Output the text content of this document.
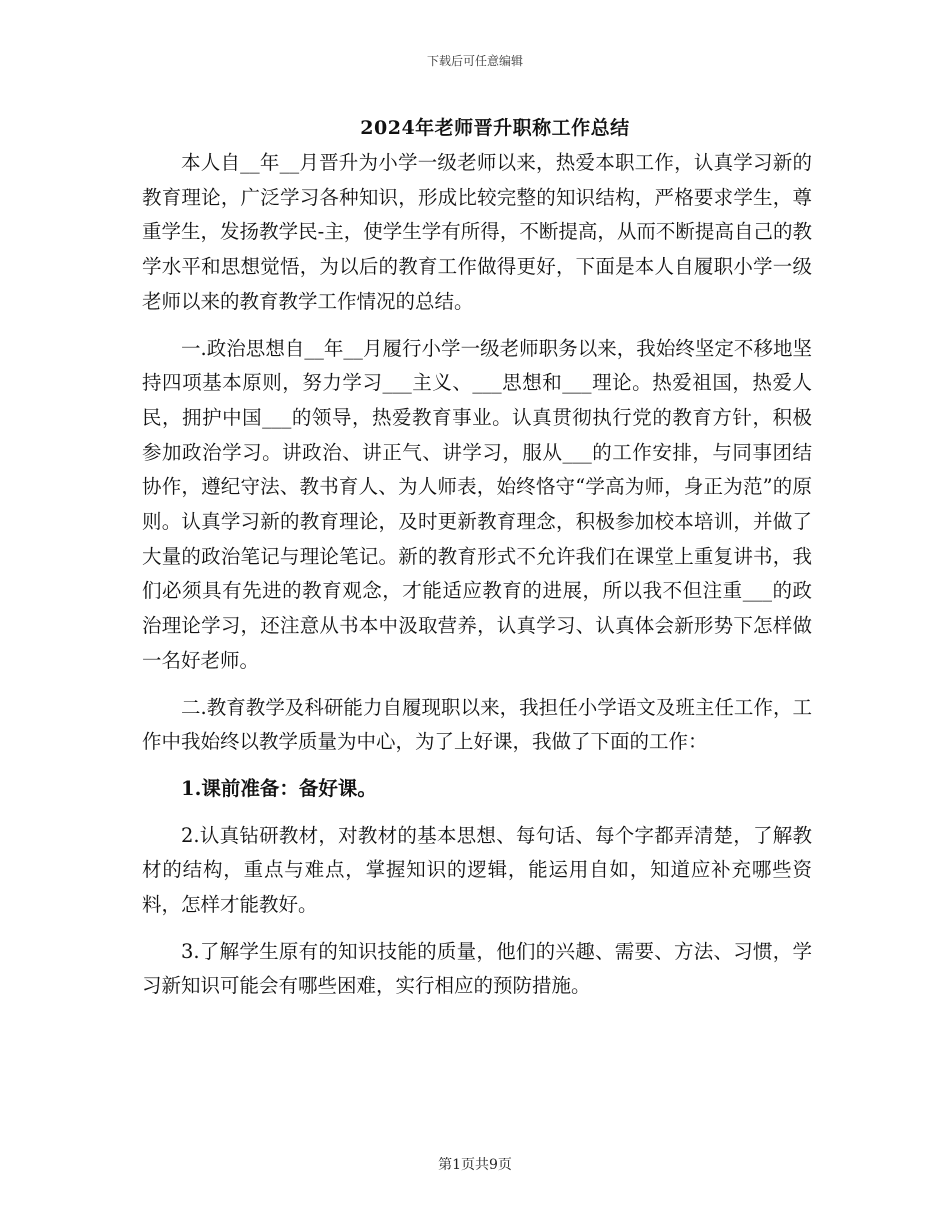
下载后可任意编辑
2024年老师晋升职称工作总结

本人自__年__月晋升为小学一级老师以来，热爱本职工作，认真学习新的教育理论，广泛学习各种知识，形成比较完整的知识结构，严格要求学生，尊重学生，发扬教学民-主，使学生学有所得，不断提高，从而不断提高自己的教学水平和思想觉悟，为以后的教育工作做得更好，下面是本人自履职小学一级老师以来的教育教学工作情况的总结。

一.政治思想自__年__月履行小学一级老师职务以来，我始终坚定不移地坚持四项基本原则，努力学习___主义、___思想和___理论。热爱祖国，热爱人民，拥护中国___的领导，热爱教育事业。认真贯彻执行党的教育方针，积极参加政治学习。讲政治、讲正气、讲学习，服从___的工作安排，与同事团结协作，遵纪守法、教书育人、为人师表，始终恪守“学高为师，身正为范”的原则。认真学习新的教育理论，及时更新教育理念，积极参加校本培训，并做了大量的政治笔记与理论笔记。新的教育形式不允许我们在课堂上重复讲书，我们必须具有先进的教育观念，才能适应教育的进展，所以我不但注重___的政治理论学习，还注意从书本中汲取营养，认真学习、认真体会新形势下怎样做一名好老师。

二.教育教学及科研能力自履现职以来，我担任小学语文及班主任工作，工作中我始终以教学质量为中心，为了上好课，我做了下面的工作：

1.课前准备：备好课。

2.认真钻研教材，对教材的基本思想、每句话、每个字都弄清楚，了解教材的结构，重点与难点，掌握知识的逻辑，能运用自如，知道应补充哪些资料，怎样才能教好。

3.了解学生原有的知识技能的质量，他们的兴趣、需要、方法、习惯，学习新知识可能会有哪些困难，实行相应的预防措施。

第1页共9页
